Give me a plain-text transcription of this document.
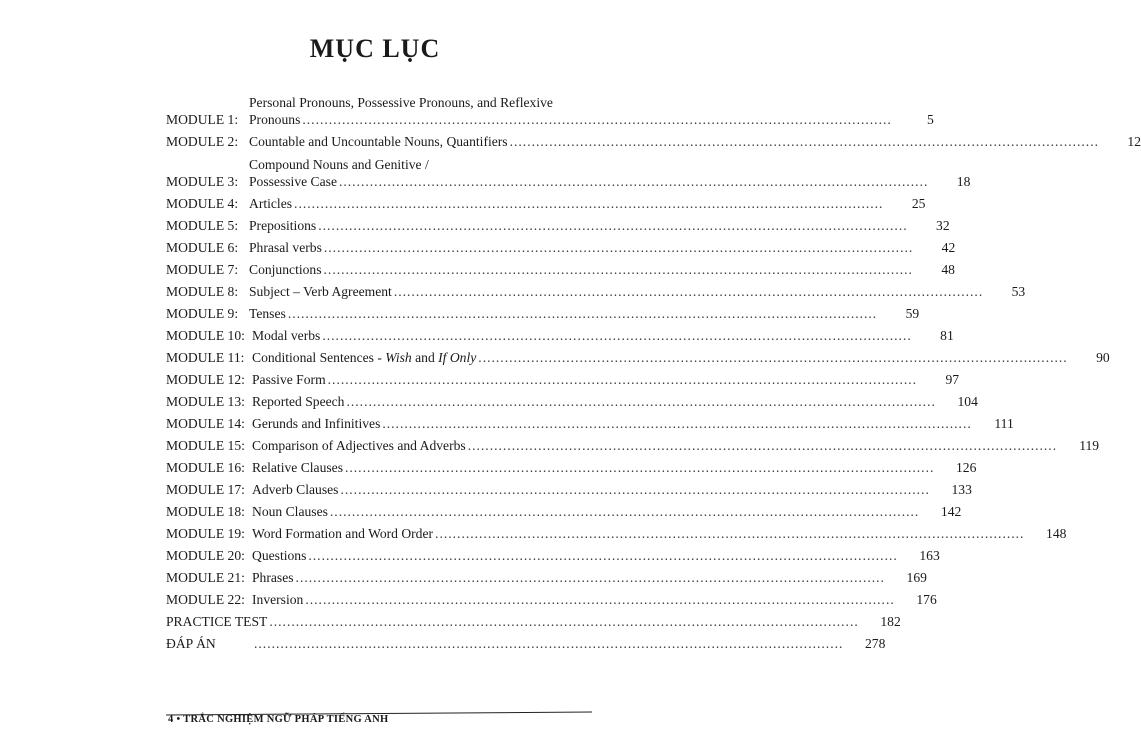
MỤC LỤC
MODULE 1:
Personal Pronouns, Possessive Pronouns, and Reflexive
Pronouns .....	5
MODULE 2: Countable and Uncountable Nouns, Quantifiers .....	12
MODULE 3:
Compound Nouns and Genitive /
Possessive Case .....	18
MODULE 4: Articles .....	25
MODULE 5: Prepositions .....	32
MODULE 6: Phrasal verbs .....	42
MODULE 7: Conjunctions .....	48
MODULE 8: Subject – Verb Agreement .....	53
MODULE 9: Tenses .....	59
MODULE 10: Modal verbs .....	81
MODULE 11: Conditional Sentences - Wish and If Only .....	90
MODULE 12: Passive Form .....	97
MODULE 13: Reported Speech .....	104
MODULE 14: Gerunds and Infinitives .....	111
MODULE 15: Comparison of Adjectives and Adverbs .....	119
MODULE 16: Relative Clauses .....	126
MODULE 17: Adverb Clauses .....	133
MODULE 18: Noun Clauses .....	142
MODULE 19: Word Formation and Word Order .....	148
MODULE 20: Questions .....	163
MODULE 21: Phrases .....	169
MODULE 22: Inversion .....	176
PRACTICE TEST .....	182
ĐÁP ÁN .....	278
4 • TRẮC NGHIỆM NGỮ PHÁP TIẾNG ANH
